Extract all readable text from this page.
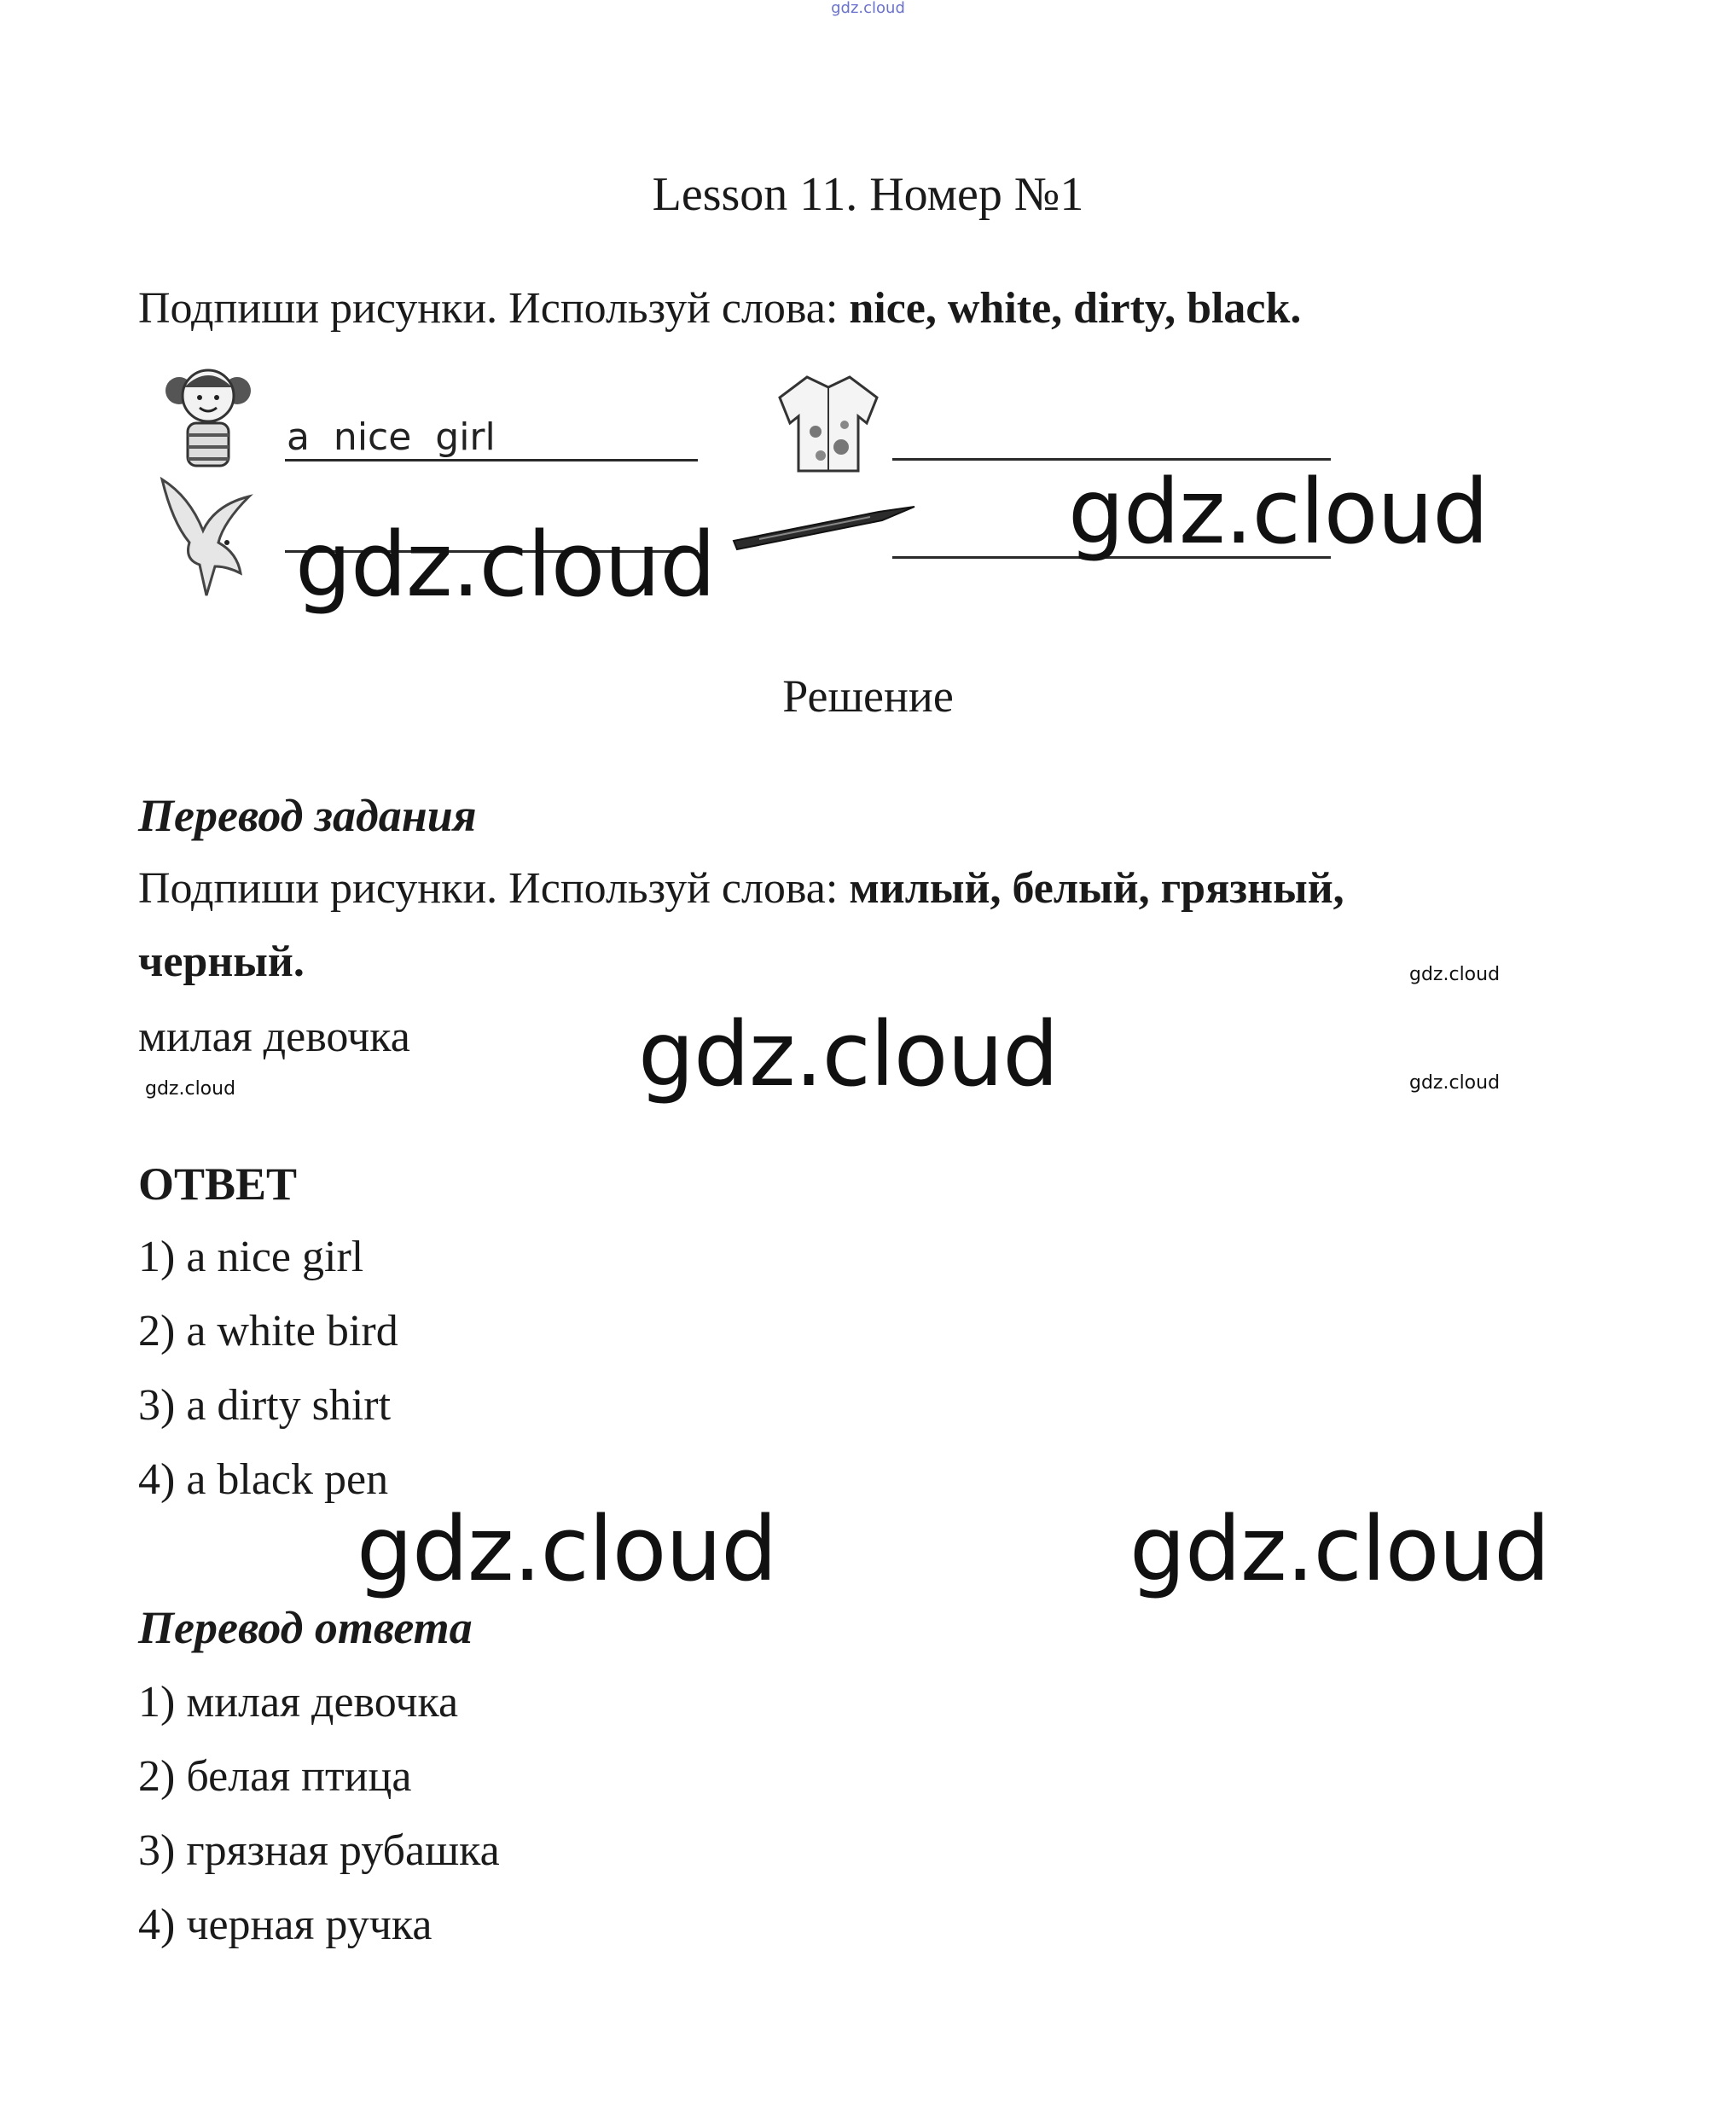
gdz.cloud
Lesson 11. Номер №1
Подпиши рисунки. Используй слова: nice, white, dirty, black.
a  nice  girl
gdz.cloud
gdz.cloud
gdz.cloud
gdz.cloud	gdz.cloud
gdz.cloud
gdz.cloud	gdz.cloud
Решение
Перевод задания
Подпиши рисунки. Используй слова: милый, белый, грязный,
черный.
милая девочка
ОТВЕТ
1) a nice girl
2) a white bird
3) a dirty shirt
4) a black pen
Перевод ответа
1) милая девочка
2) белая птица
3) грязная рубашка
4) черная ручка
